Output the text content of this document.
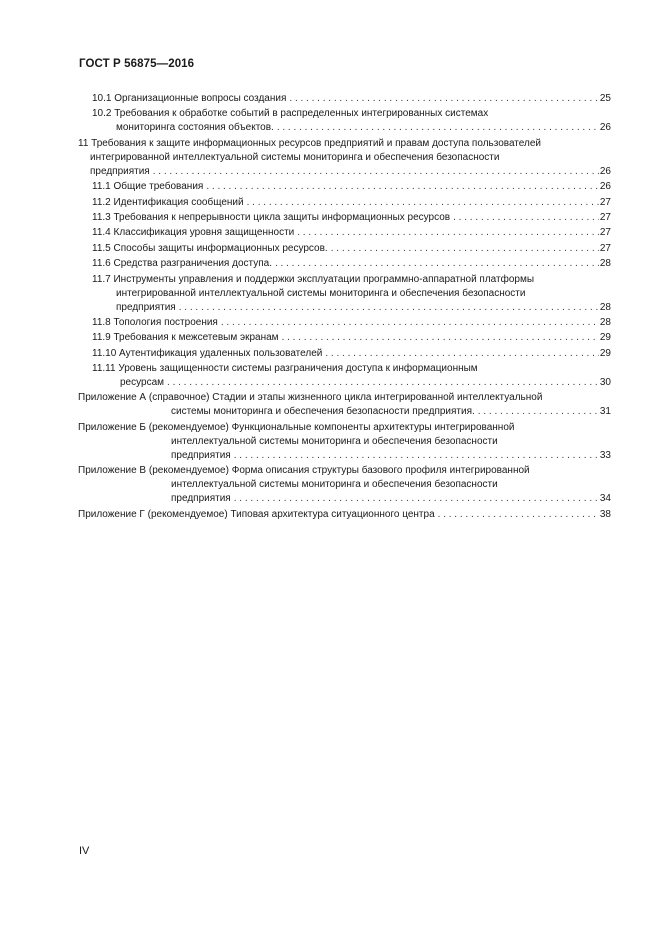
ГОСТ Р 56875—2016
10.1 Организационные вопросы создания . . .	25
10.2 Требования к обработке событий в распределенных интегрированных системах
мониторинга состояния объектов. . . .	26
11 Требования к защите информационных ресурсов предприятий и правам доступа пользователей
интегрированной интеллектуальной системы мониторинга и обеспечения безопасности
предприятия . . .	26
11.1 Общие требования . . .	26
11.2 Идентификация сообщений . . .	27
11.3 Требования к непрерывности цикла защиты информационных ресурсов . . .	27
11.4 Классификация уровня защищенности . . .	27
11.5 Способы защиты информационных ресурсов. . . .	27
11.6 Средства разграничения доступа. . . .	28
11.7 Инструменты управления и поддержки эксплуатации программно-аппаратной платформы
интегрированной интеллектуальной системы мониторинга и обеспечения безопасности
предприятия . . .	28
11.8 Топология построения . . .	28
11.9 Требования к межсетевым экранам . . .	29
11.10 Аутентификация удаленных пользователей . . .	29
11.11 Уровень защищенности системы разграничения доступа к информационным
ресурсам . . .	30
Приложение А (справочное) Стадии и этапы жизненного цикла интегрированной интеллектуальной
системы мониторинга и обеспечения безопасности предприятия. . . .	31
Приложение Б (рекомендуемое) Функциональные компоненты архитектуры интегрированной
интеллектуальной системы мониторинга и обеспечения безопасности
предприятия . . .	33
Приложение В (рекомендуемое) Форма описания структуры базового профиля интегрированной
интеллектуальной системы мониторинга и обеспечения безопасности
предприятия . . .	34
Приложение Г (рекомендуемое) Типовая архитектура ситуационного центра . . .	38
IV
